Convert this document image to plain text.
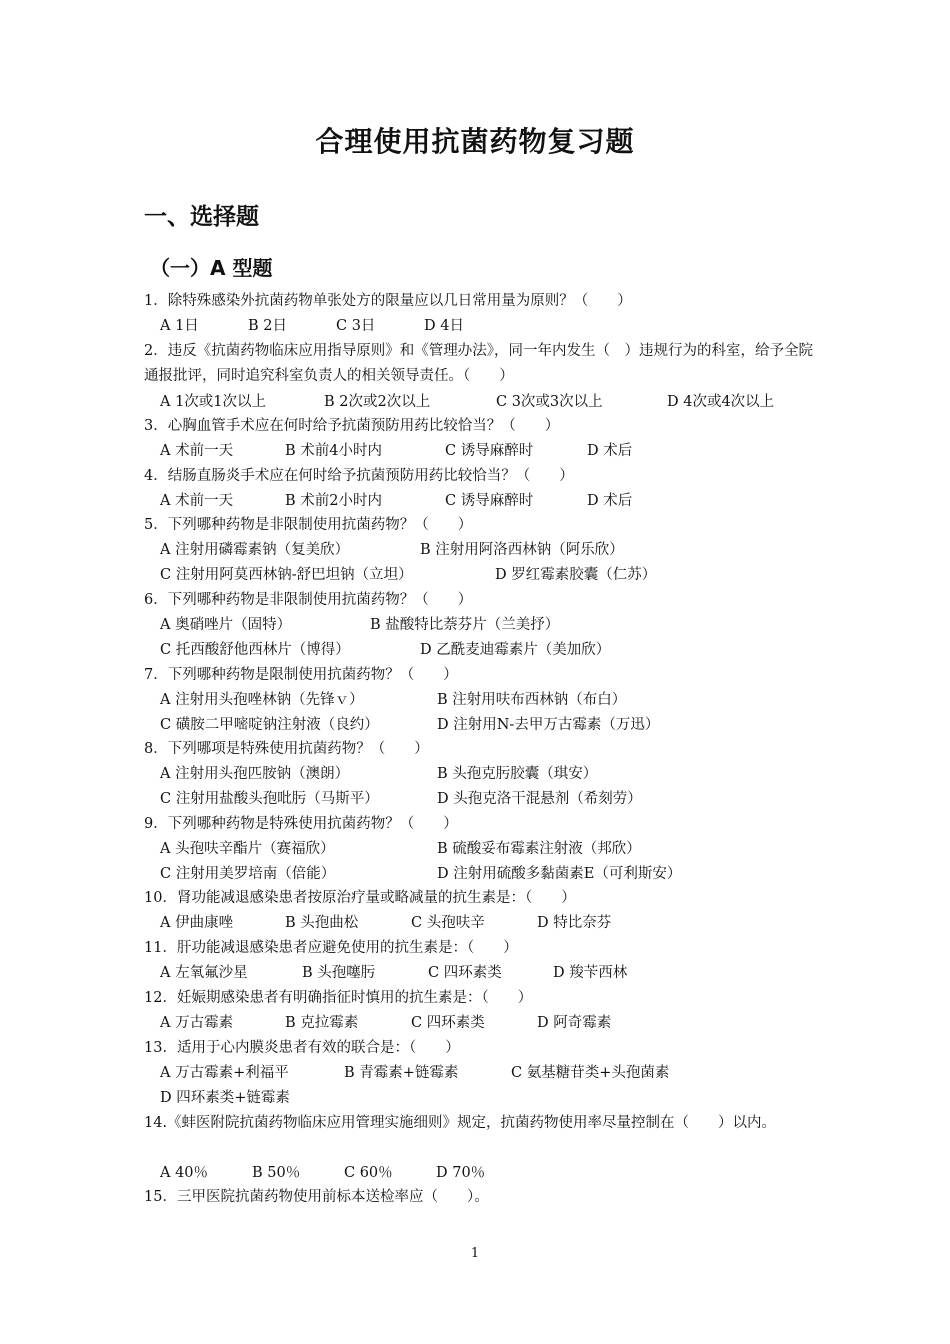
合理使用抗菌药物复习题
一、选择题
（一）A 型题
1．除特殊感染外抗菌药物单张处方的限量应以几日常用量为原则？（　　）
A 1日	B 2日	C 3日	D 4日
2．违反《抗菌药物临床应用指导原则》和《管理办法》，同一年内发生（　）违规行为的科室，给予全院通报批评，同时追究科室负责人的相关领导责任。（　　）
A 1次或1次以上	B 2次或2次以上	C 3次或3次以上	D 4次或4次以上
3．心胸血管手术应在何时给予抗菌预防用药比较恰当？（　　）
A 术前一天	B 术前4小时内	C 诱导麻醉时	D 术后
4．结肠直肠炎手术应在何时给予抗菌预防用药比较恰当？（　　）
A 术前一天	B 术前2小时内	C 诱导麻醉时	D 术后
5．下列哪种药物是非限制使用抗菌药物？（　　）
A 注射用磷霉素钠（复美欣）	B 注射用阿洛西林钠（阿乐欣）
C 注射用阿莫西林钠-舒巴坦钠（立坦）	D 罗红霉素胶囊（仁苏）
6．下列哪种药物是非限制使用抗菌药物？（　　）
A 奥硝唑片（固特）	B 盐酸特比萘芬片（兰美抒）
C 托西酸舒他西林片（博得）	D 乙酰麦迪霉素片（美加欣）
7．下列哪种药物是限制使用抗菌药物？（　　）
A 注射用头孢唑林钠（先锋ｖ）	B 注射用呋布西林钠（布白）
C 磺胺二甲嘧啶钠注射液（良约）	D 注射用N-去甲万古霉素（万迅）
8．下列哪项是特殊使用抗菌药物？（　　）
A 注射用头孢匹胺钠（澳朗）	B 头孢克肟胶囊（琪安）
C 注射用盐酸头孢吡肟（马斯平）	D 头孢克洛干混悬剂（希刻劳）
9．下列哪种药物是特殊使用抗菌药物？（　　）
A 头孢呋辛酯片（赛福欣）	B 硫酸妥布霉素注射液（邦欣）
C 注射用美罗培南（倍能）	D 注射用硫酸多黏菌素E（可利斯安）
10．肾功能减退感染患者按原治疗量或略减量的抗生素是：（　　）
A 伊曲康唑	B 头孢曲松	C 头孢呋辛	D 特比奈芬
11．肝功能减退感染患者应避免使用的抗生素是：（　　）
A 左氧氟沙星	B 头孢噻肟	C 四环素类	D 羧苄西林
12．妊娠期感染患者有明确指征时慎用的抗生素是：（　　）
A 万古霉素	B 克拉霉素	C 四环素类	D 阿奇霉素
13．适用于心内膜炎患者有效的联合是：（　　）
A 万古霉素+利福平	B 青霉素+链霉素	C 氨基糖苷类+头孢菌素
D 四环素类+链霉素
14.《蚌医附院抗菌药物临床应用管理实施细则》规定，抗菌药物使用率尽量控制在（　　）以内。
A 40％	B 50％	C 60％	D 70％
15．三甲医院抗菌药物使用前标本送检率应（　　）。
1
